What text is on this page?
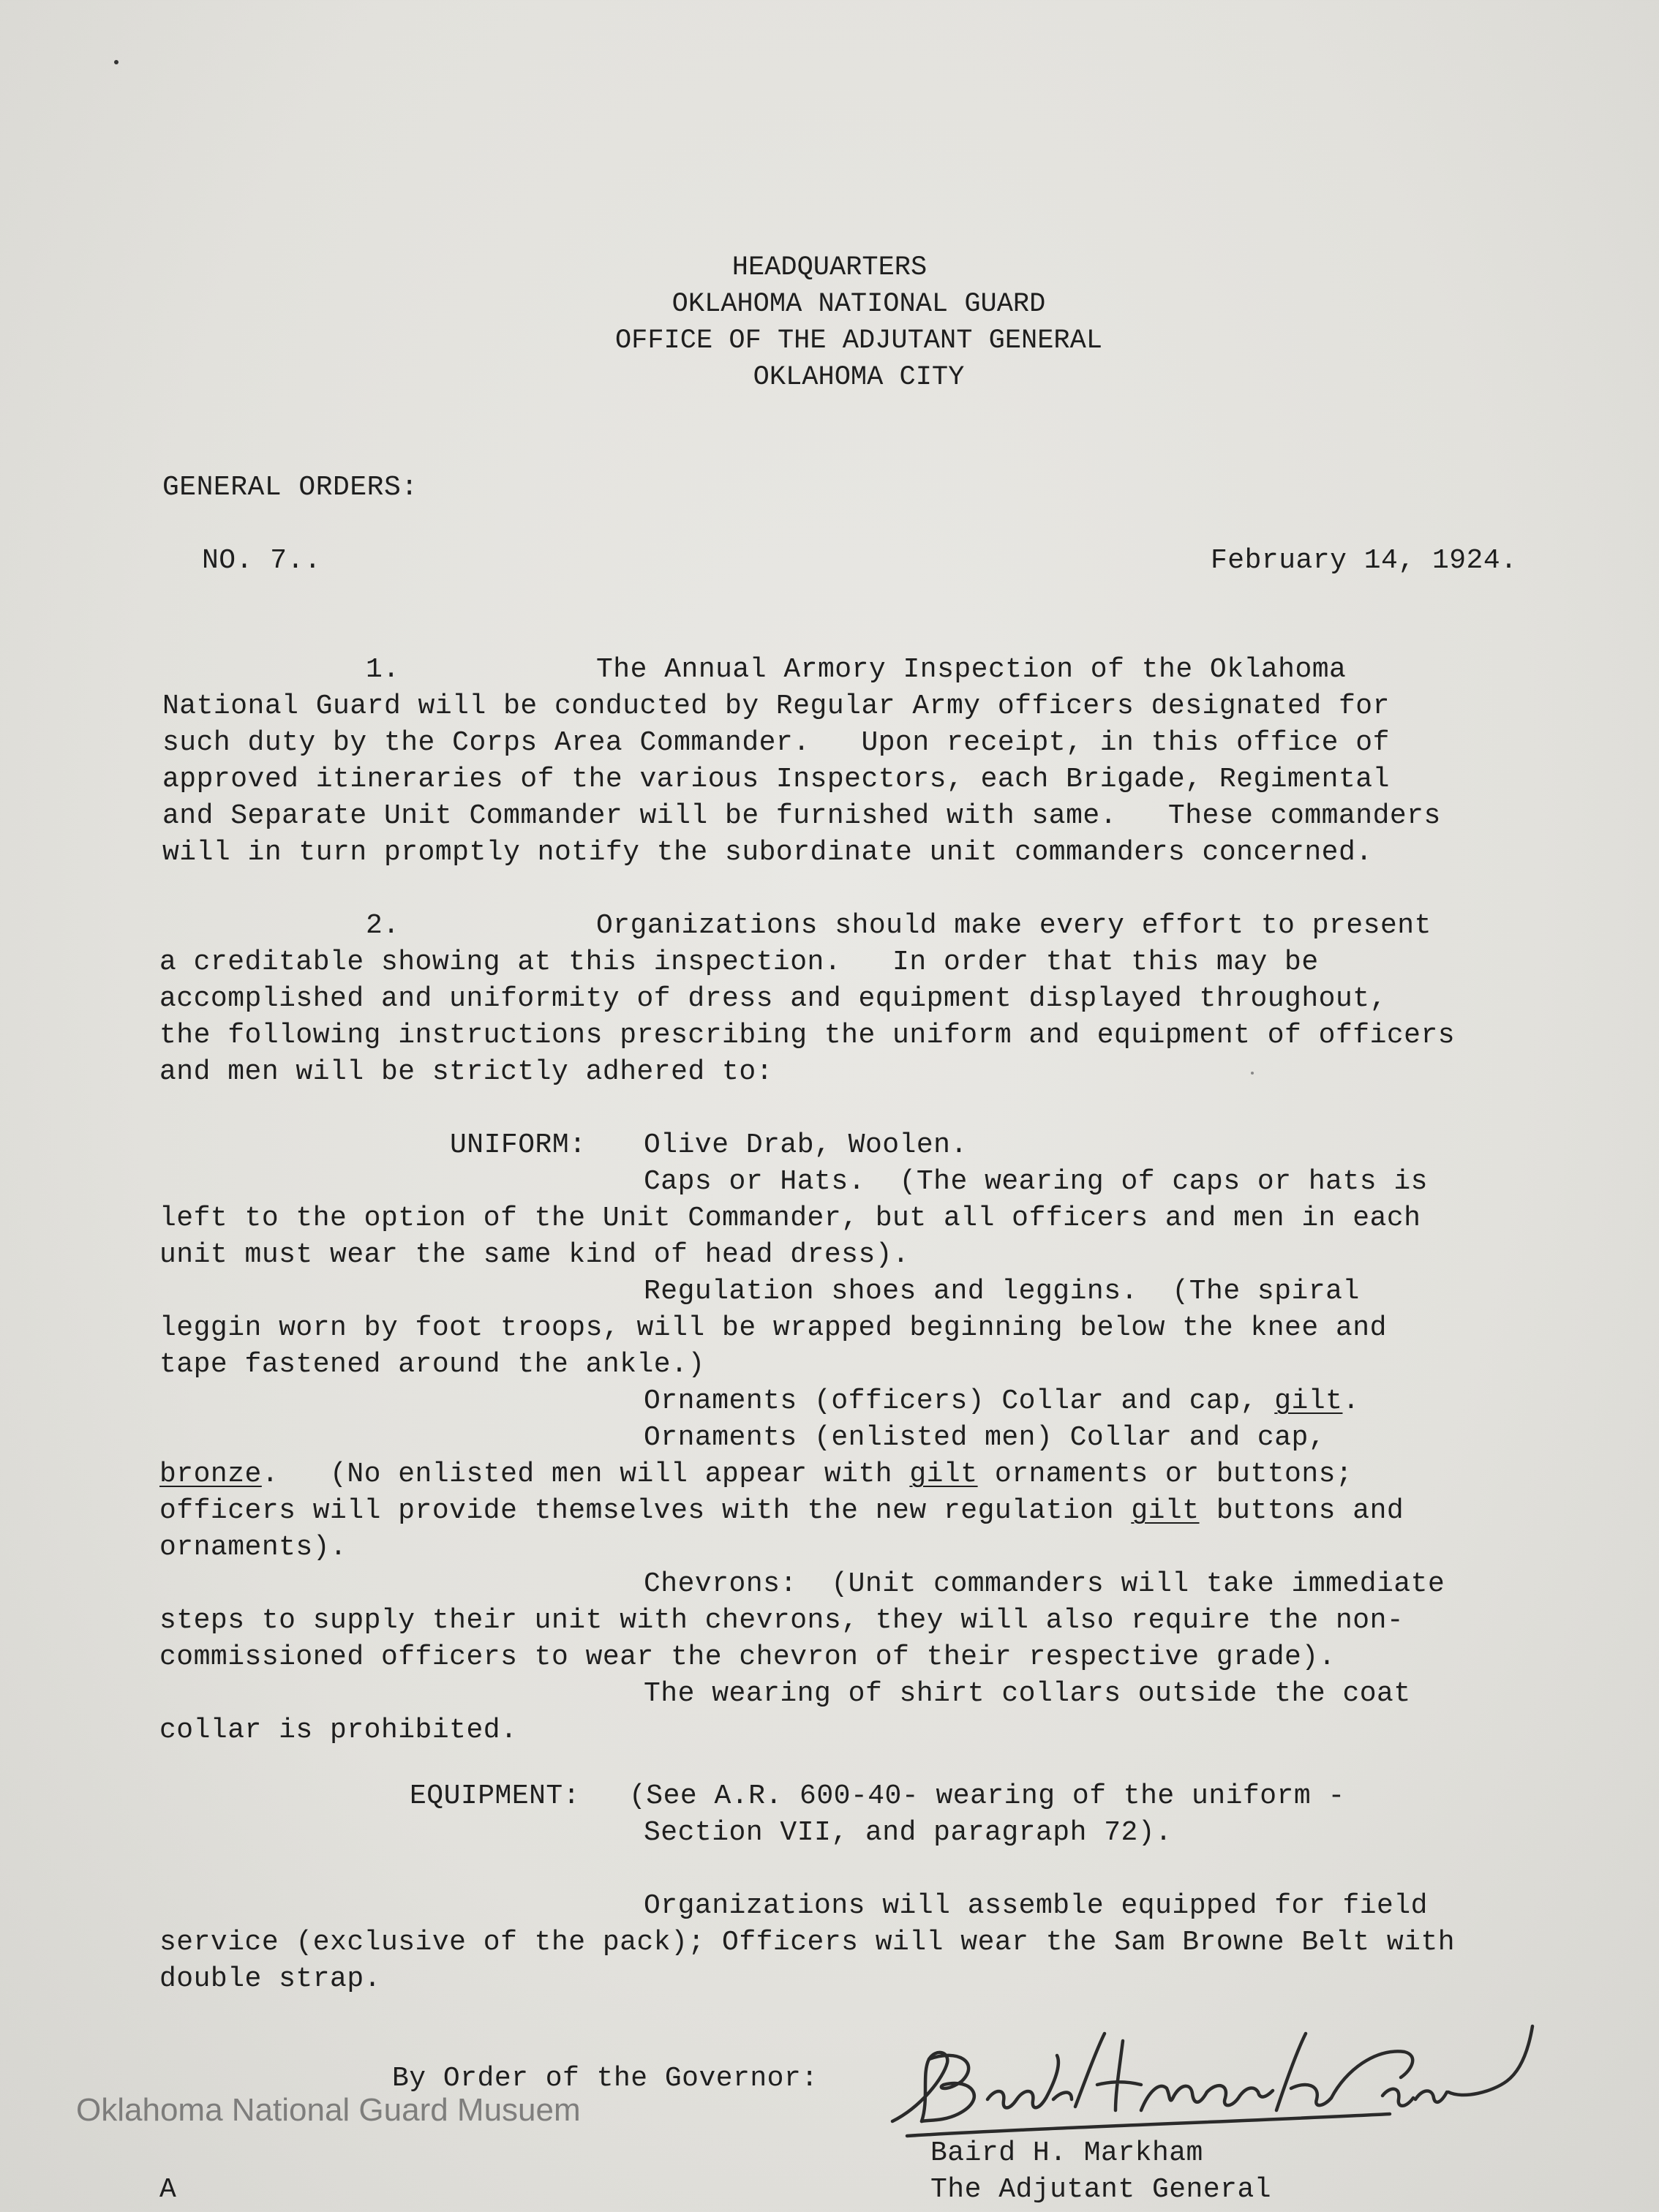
HEADQUARTERS
OKLAHOMA NATIONAL GUARD
OFFICE OF THE ADJUTANT GENERAL
OKLAHOMA CITY
GENERAL ORDERS:
NO. 7..	February 14, 1924.
1.	The Annual Armory Inspection of the Oklahoma
National Guard will be conducted by Regular Army officers designated for
such duty by the Corps Area Commander.   Upon receipt, in this office of
approved itineraries of the various Inspectors, each Brigade, Regimental
and Separate Unit Commander will be furnished with same.   These commanders
will in turn promptly notify the subordinate unit commanders concerned.
2.	Organizations should make every effort to present
a creditable showing at this inspection.   In order that this may be
accomplished and uniformity of dress and equipment displayed throughout,
the following instructions prescribing the uniform and equipment of officers
and men will be strictly adhered to:
UNIFORM: Olive Drab, Woolen.
Caps or Hats.  (The wearing of caps or hats is
left to the option of the Unit Commander, but all officers and men in each
unit must wear the same kind of head dress).
Regulation shoes and leggins.  (The spiral
leggin worn by foot troops, will be wrapped beginning below the knee and
tape fastened around the ankle.)
Ornaments (officers) Collar and cap, gilt.
Ornaments (enlisted men) Collar and cap,
bronze.   (No enlisted men will appear with gilt ornaments or buttons;
officers will provide themselves with the new regulation gilt buttons and
ornaments).
Chevrons:  (Unit commanders will take immediate
steps to supply their unit with chevrons, they will also require the non-
commissioned officers to wear the chevron of their respective grade).
The wearing of shirt collars outside the coat
collar is prohibited.
EQUIPMENT: (See A.R. 600-40- wearing of the uniform -
Section VII, and paragraph 72).
Organizations will assemble equipped for field
service (exclusive of the pack); Officers will wear the Sam Browne Belt with
double strap.
By Order of the Governor:
Baird H. Markham
The Adjutant General
A
Oklahoma National Guard Musuem
